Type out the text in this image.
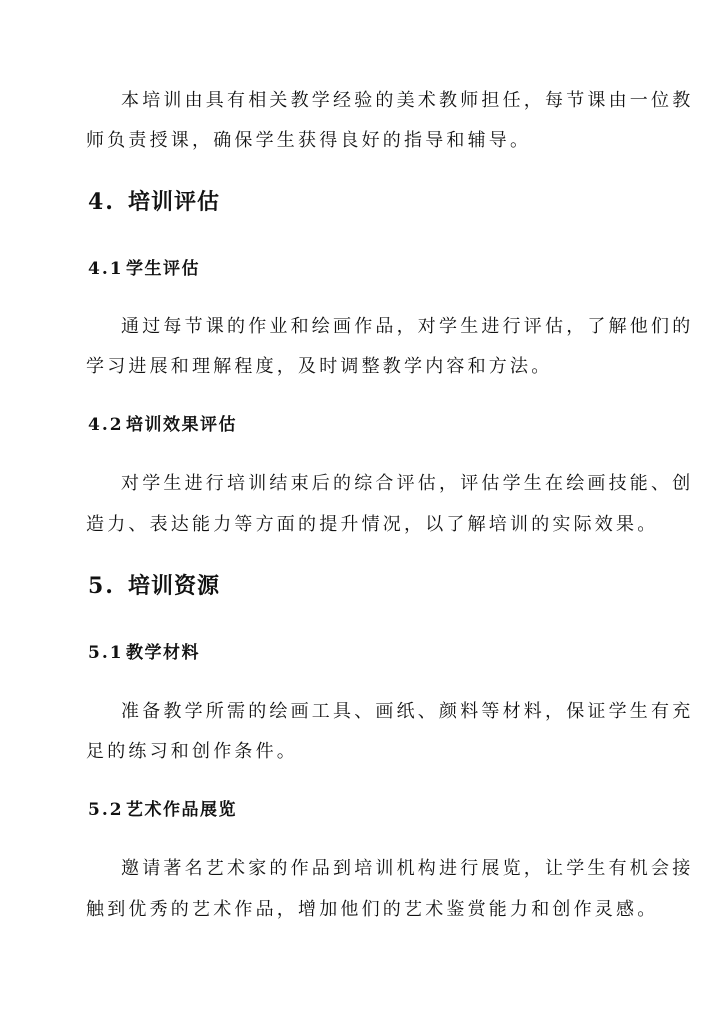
本培训由具有相关教学经验的美术教师担任，每节课由一位教

师负责授课，确保学生获得良好的指导和辅导。

4. 培训评估
4.1 学生评估

通过每节课的作业和绘画作品，对学生进行评估，了解他们的

学习进展和理解程度，及时调整教学内容和方法。

4.2 培训效果评估

对学生进行培训结束后的综合评估，评估学生在绘画技能、创

造力、表达能力等方面的提升情况，以了解培训的实际效果。

5. 培训资源
5.1 教学材料

准备教学所需的绘画工具、画纸、颜料等材料，保证学生有充

足的练习和创作条件。

5.2 艺术作品展览

邀请著名艺术家的作品到培训机构进行展览，让学生有机会接

触到优秀的艺术作品，增加他们的艺术鉴赏能力和创作灵感。
